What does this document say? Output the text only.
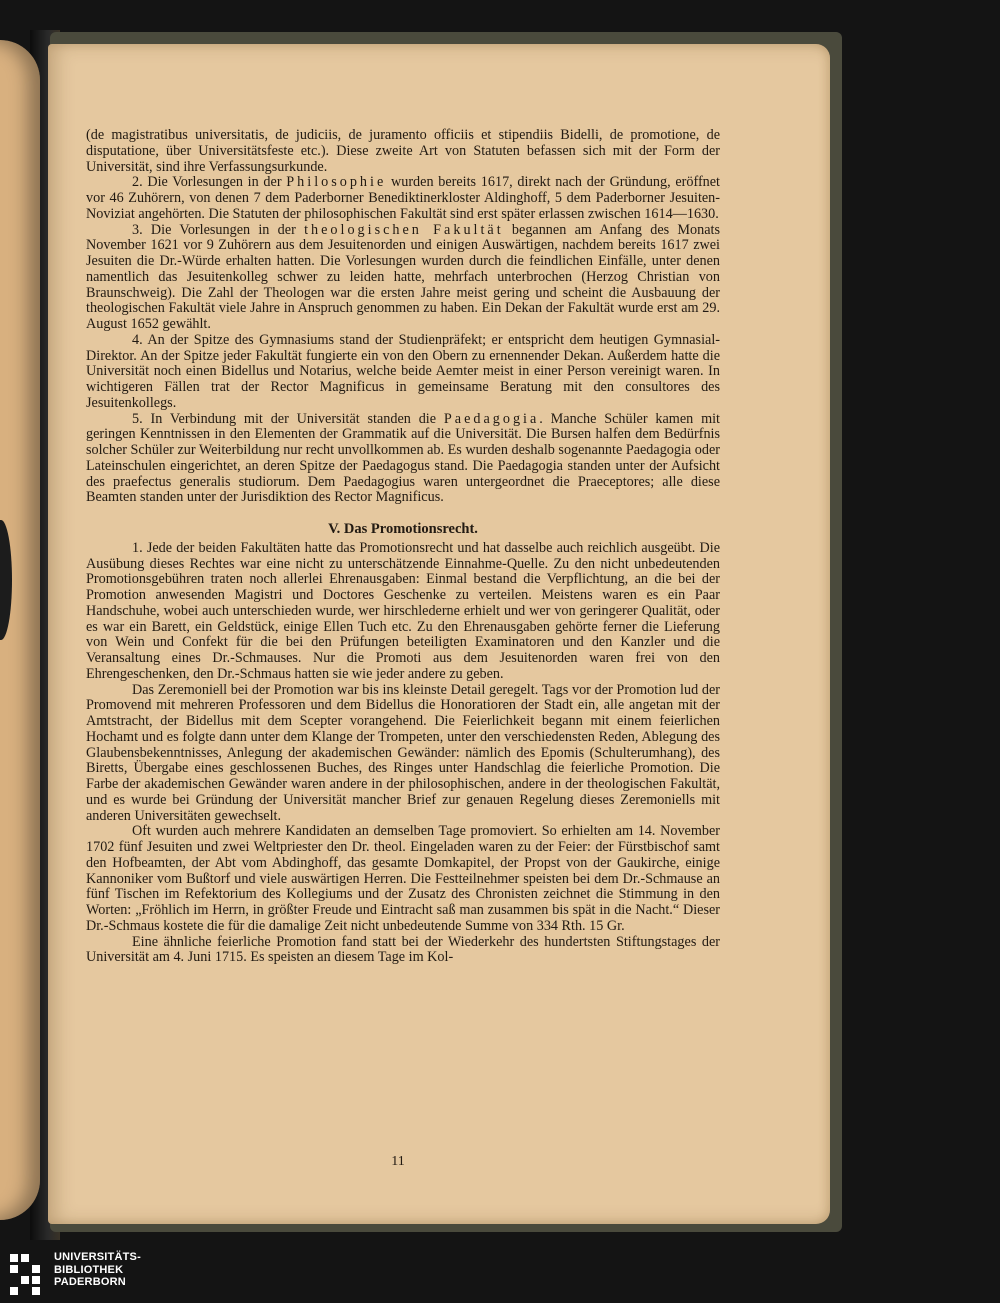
(de magistratibus universitatis, de judiciis, de juramento officiis et stipendiis Bidelli, de promotione, de disputatione, über Universitätsfeste etc.). Diese zweite Art von Statuten befassen sich mit der Form der Universität, sind ihre Verfassungsurkunde.

2. Die Vorlesungen in der Philosophie wurden bereits 1617, direkt nach der Gründung, eröffnet vor 46 Zuhörern, von denen 7 dem Paderborner Benediktinerkloster Aldinghoff, 5 dem Paderborner Jesuiten-Noviziat angehörten. Die Statuten der philosophischen Fakultät sind erst später erlassen zwischen 1614—1630.

3. Die Vorlesungen in der theologischen Fakultät begannen am Anfang des Monats November 1621 vor 9 Zuhörern aus dem Jesuitenorden und einigen Auswärtigen, nachdem bereits 1617 zwei Jesuiten die Dr.-Würde erhalten hatten. Die Vorlesungen wurden durch die feindlichen Einfälle, unter denen namentlich das Jesuitenkolleg schwer zu leiden hatte, mehrfach unterbrochen (Herzog Christian von Braunschweig). Die Zahl der Theologen war die ersten Jahre meist gering und scheint die Ausbauung der theologischen Fakultät viele Jahre in Anspruch genommen zu haben. Ein Dekan der Fakultät wurde erst am 29. August 1652 gewählt.

4. An der Spitze des Gymnasiums stand der Studienpräfekt; er entspricht dem heutigen Gymnasial-Direktor. An der Spitze jeder Fakultät fungierte ein von den Obern zu ernennender Dekan. Außerdem hatte die Universität noch einen Bidellus und Notarius, welche beide Aemter meist in einer Person vereinigt waren. In wichtigeren Fällen trat der Rector Magnificus in gemeinsame Beratung mit den consultores des Jesuitenkollegs.

5. In Verbindung mit der Universität standen die Paedagogia. Manche Schüler kamen mit geringen Kenntnissen in den Elementen der Grammatik auf die Universität. Die Bursen halfen dem Bedürfnis solcher Schüler zur Weiterbildung nur recht unvollkommen ab. Es wurden deshalb sogenannte Paedagogia oder Lateinschulen eingerichtet, an deren Spitze der Paedagogus stand. Die Paedagogia standen unter der Aufsicht des praefectus generalis studiorum. Dem Paedagogius waren untergeordnet die Praeceptores; alle diese Beamten standen unter der Jurisdiktion des Rector Magnificus.

V. Das Promotionsrecht.

1. Jede der beiden Fakultäten hatte das Promotionsrecht und hat dasselbe auch reichlich ausgeübt. Die Ausübung dieses Rechtes war eine nicht zu unterschätzende Einnahme-Quelle. Zu den nicht unbedeutenden Promotionsgebühren traten noch allerlei Ehrenausgaben: Einmal bestand die Verpflichtung, an die bei der Promotion anwesenden Magistri und Doctores Geschenke zu verteilen. Meistens waren es ein Paar Handschuhe, wobei auch unterschieden wurde, wer hirschlederne erhielt und wer von geringerer Qualität, oder es war ein Barett, ein Geldstück, einige Ellen Tuch etc. Zu den Ehrenausgaben gehörte ferner die Lieferung von Wein und Confekt für die bei den Prüfungen beteiligten Examinatoren und den Kanzler und die Veransaltung eines Dr.-Schmauses. Nur die Promoti aus dem Jesuitenorden waren frei von den Ehrengeschenken, den Dr.-Schmaus hatten sie wie jeder andere zu geben.

Das Zeremoniell bei der Promotion war bis ins kleinste Detail geregelt. Tags vor der Promotion lud der Promovend mit mehreren Professoren und dem Bidellus die Honoratioren der Stadt ein, alle angetan mit der Amtstracht, der Bidellus mit dem Scepter vorangehend. Die Feierlichkeit begann mit einem feierlichen Hochamt und es folgte dann unter dem Klange der Trompeten, unter den verschiedensten Reden, Ablegung des Glaubensbekenntnisses, Anlegung der akademischen Gewänder: nämlich des Epomis (Schulterumhang), des Biretts, Übergabe eines geschlossenen Buches, des Ringes unter Handschlag die feierliche Promotion. Die Farbe der akademischen Gewänder waren andere in der philosophischen, andere in der theologischen Fakultät, und es wurde bei Gründung der Universität mancher Brief zur genauen Regelung dieses Zeremoniells mit anderen Universitäten gewechselt.

Oft wurden auch mehrere Kandidaten an demselben Tage promoviert. So erhielten am 14. November 1702 fünf Jesuiten und zwei Weltpriester den Dr. theol. Eingeladen waren zu der Feier: der Fürstbischof samt den Hofbeamten, der Abt vom Abdinghoff, das gesamte Domkapitel, der Propst von der Gaukirche, einige Kannoniker vom Bußtorf und viele auswärtigen Herren. Die Festteilnehmer speisten bei dem Dr.-Schmause an fünf Tischen im Refektorium des Kollegiums und der Zusatz des Chronisten zeichnet die Stimmung in den Worten: „Fröhlich im Herrn, in größter Freude und Eintracht saß man zusammen bis spät in die Nacht.“ Dieser Dr.-Schmaus kostete die für die damalige Zeit nicht unbedeutende Summe von 334 Rth. 15 Gr.

Eine ähnliche feierliche Promotion fand statt bei der Wiederkehr des hundertsten Stiftungstages der Universität am 4. Juni 1715. Es speisten an diesem Tage im Kol-

11
UNIVERSITÄTS-
BIBLIOTHEK
PADERBORN
